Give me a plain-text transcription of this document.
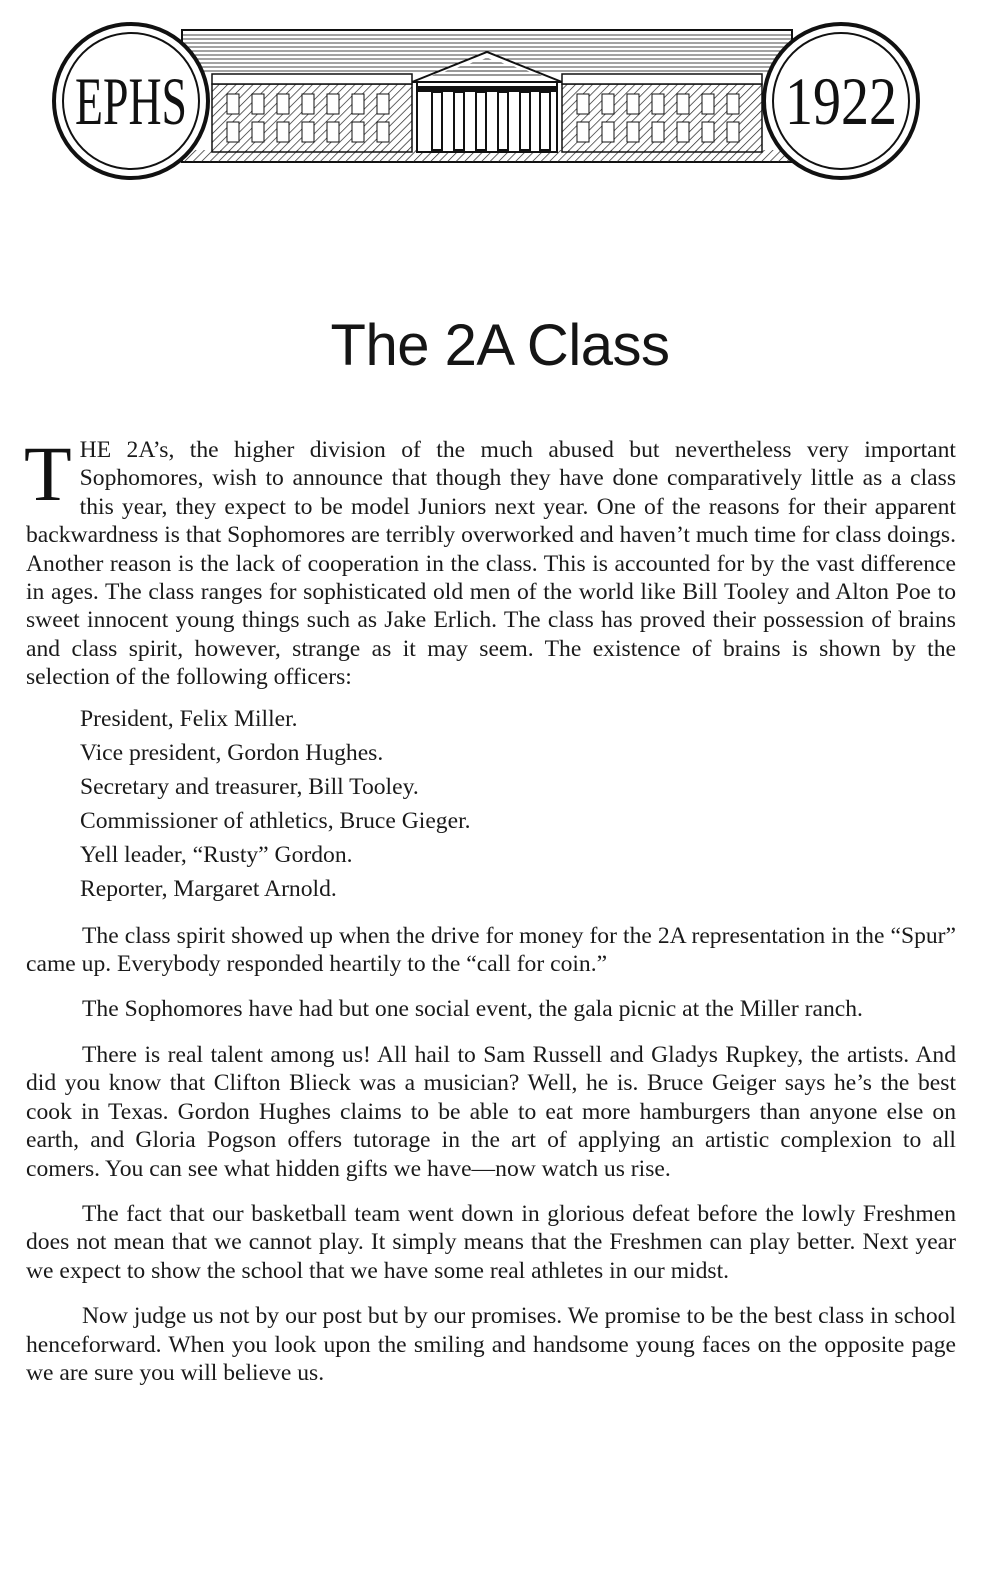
EPHS	1922
The 2A Class

THE 2A’s, the higher division of the much abused but nevertheless very important Sophomores, wish to announce that though they have done comparatively little as a class this year, they expect to be model Juniors next year. One of the reasons for their apparent backwardness is that Sophomores are terribly overworked and haven’t much time for class doings. Another reason is the lack of cooperation in the class. This is accounted for by the vast difference in ages. The class ranges for sophisticated old men of the world like Bill Tooley and Alton Poe to sweet innocent young things such as Jake Erlich. The class has proved their possession of brains and class spirit, however, strange as it may seem. The existence of brains is shown by the selection of the following officers:

President, Felix Miller.
Vice president, Gordon Hughes.
Secretary and treasurer, Bill Tooley.
Commissioner of athletics, Bruce Gieger.
Yell leader, “Rusty” Gordon.
Reporter, Margaret Arnold.

The class spirit showed up when the drive for money for the 2A representation in the “Spur” came up. Everybody responded heartily to the “call for coin.”

The Sophomores have had but one social event, the gala picnic at the Miller ranch.

There is real talent among us! All hail to Sam Russell and Gladys Rupkey, the artists. And did you know that Clifton Blieck was a musician? Well, he is. Bruce Geiger says he’s the best cook in Texas. Gordon Hughes claims to be able to eat more hamburgers than anyone else on earth, and Gloria Pogson offers tutorage in the art of applying an artistic complexion to all comers. You can see what hidden gifts we have—now watch us rise.

The fact that our basketball team went down in glorious defeat before the lowly Freshmen does not mean that we cannot play. It simply means that the Freshmen can play better. Next year we expect to show the school that we have some real athletes in our midst.

Now judge us not by our post but by our promises. We promise to be the best class in school henceforward. When you look upon the smiling and handsome young faces on the opposite page we are sure you will believe us.
